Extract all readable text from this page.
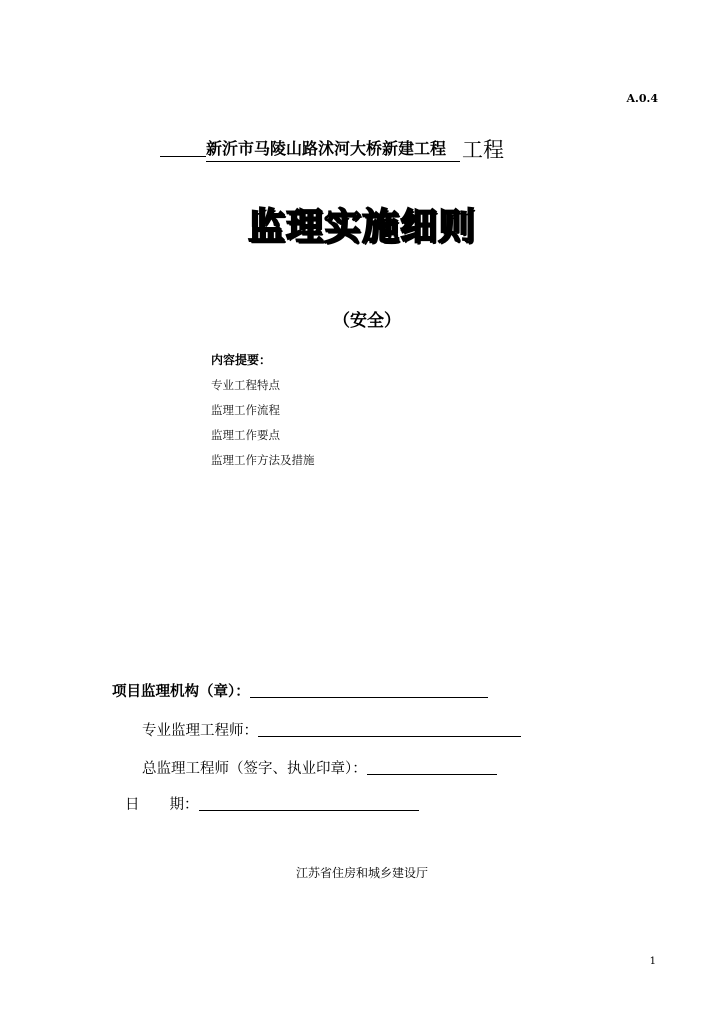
A.0.4
新沂市马陵山路沭河大桥新建工程 工程
监理实施细则
（安全）
内容提要：
专业工程特点
监理工作流程
监理工作要点
监理工作方法及措施
项目监理机构（章）：
专业监理工程师：
总监理工程师（签字、执业印章）：
日 期：
江苏省住房和城乡建设厅
1
